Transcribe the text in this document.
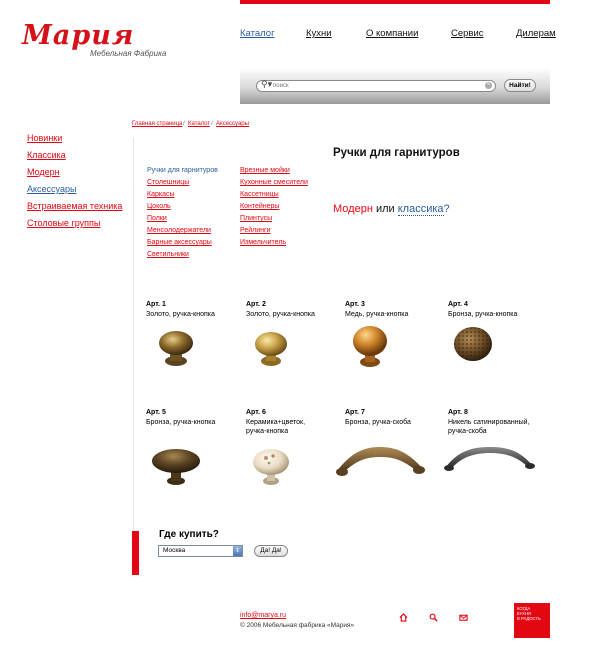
Мария
Мебельная Фабрика
Каталог	Кухни	О компании	Сервис	Дилерам
⚲▾
поиск	×	Найти!
Новинки
Классика
Модерн
Аксессуары
Встраиваемая техника
Столовые группы
Главная страница / Каталог / Аксессуары
Ручки для гарнитуров
Ручки для гарнитуров
Столешницы
Каркасы
Цоколь
Полки
Менсолодержатели
Барные аксессуары
Светильники
Врезные мойки
Кухонные смесители
Кассетницы
Контейнеры
Плинтусы
Рейлинги
Измельчитель
Модерн или классика?
Арт. 1
Золото, ручка-кнопка
Арт. 2
Золото, ручка-кнопка
Арт. 3
Медь, ручка-кнопка
Арт. 4
Бронза, ручка-кнопка
Арт. 5
Бронза, ручка-кнопка
Арт. 6
Керамика+цветок,
ручка-кнопка
Арт. 7
Бронза, ручка-скоба
Арт. 8
Никель сатинированный,
ручка-скоба
Где купить?
Москва	⇕	Да! Да!
info@marya.ru
© 2006 Мебельная фабрика «Мария»
КОГДА
КУХНЯ
В РАДОСТЬ
